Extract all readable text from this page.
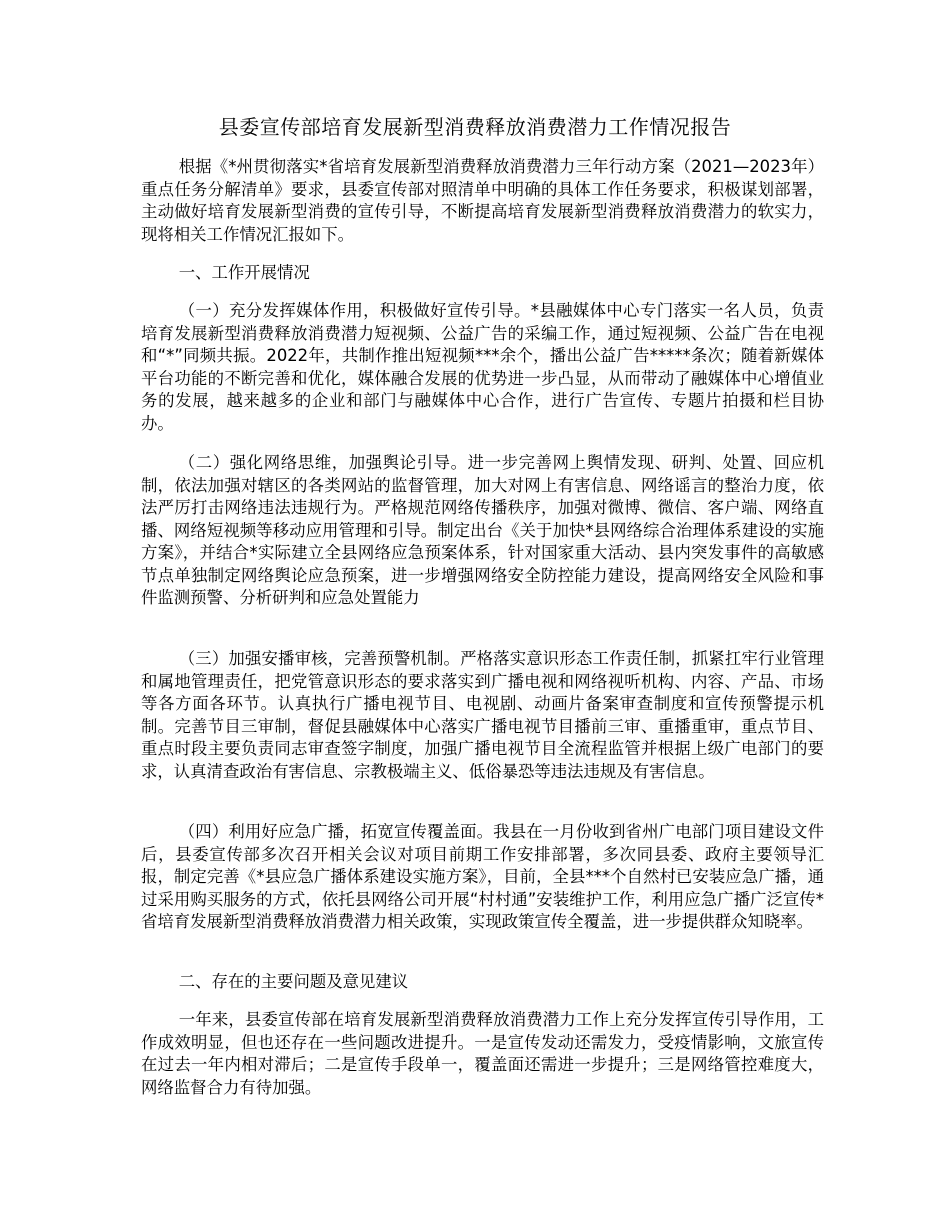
县委宣传部培育发展新型消费释放消费潜力工作情况报告

根据《*州贯彻落实*省培育发展新型消费释放消费潜力三年行动方案（2021—2023年）重点任务分解清单》要求，县委宣传部对照清单中明确的具体工作任务要求，积极谋划部署，主动做好培育发展新型消费的宣传引导，不断提高培育发展新型消费释放消费潜力的软实力，现将相关工作情况汇报如下。

一、工作开展情况

（一）充分发挥媒体作用，积极做好宣传引导。*县融媒体中心专门落实一名人员，负责培育发展新型消费释放消费潜力短视频、公益广告的采编工作，通过短视频、公益广告在电视和“*”同频共振。2022年，共制作推出短视频***余个，播出公益广告*****条次；随着新媒体平台功能的不断完善和优化，媒体融合发展的优势进一步凸显，从而带动了融媒体中心增值业务的发展，越来越多的企业和部门与融媒体中心合作，进行广告宣传、专题片拍摄和栏目协办。

（二）强化网络思维，加强舆论引导。进一步完善网上舆情发现、研判、处置、回应机制，依法加强对辖区的各类网站的监督管理，加大对网上有害信息、网络谣言的整治力度，依法严厉打击网络违法违规行为。严格规范网络传播秩序，加强对微博、微信、客户端、网络直播、网络短视频等移动应用管理和引导。制定出台《关于加快*县网络综合治理体系建设的实施方案》，并结合*实际建立全县网络应急预案体系，针对国家重大活动、县内突发事件的高敏感节点单独制定网络舆论应急预案，进一步增强网络安全防控能力建设，提高网络安全风险和事件监测预警、分析研判和应急处置能力

（三）加强安播审核，完善预警机制。严格落实意识形态工作责任制，抓紧扛牢行业管理和属地管理责任，把党管意识形态的要求落实到广播电视和网络视听机构、内容、产品、市场等各方面各环节。认真执行广播电视节目、电视剧、动画片备案审查制度和宣传预警提示机制。完善节目三审制，督促县融媒体中心落实广播电视节目播前三审、重播重审，重点节目、重点时段主要负责同志审查签字制度，加强广播电视节目全流程监管并根据上级广电部门的要求，认真清查政治有害信息、宗教极端主义、低俗暴恐等违法违规及有害信息。

（四）利用好应急广播，拓宽宣传覆盖面。我县在一月份收到省州广电部门项目建设文件后，县委宣传部多次召开相关会议对项目前期工作安排部署，多次同县委、政府主要领导汇报，制定完善《*县应急广播体系建设实施方案》，目前，全县***个自然村已安装应急广播，通过采用购买服务的方式，依托县网络公司开展“村村通”安装维护工作，利用应急广播广泛宣传*省培育发展新型消费释放消费潜力相关政策，实现政策宣传全覆盖，进一步提供群众知晓率。

二、存在的主要问题及意见建议

一年来，县委宣传部在培育发展新型消费释放消费潜力工作上充分发挥宣传引导作用，工作成效明显，但也还存在一些问题改进提升。一是宣传发动还需发力，受疫情影响，文旅宣传在过去一年内相对滞后；二是宣传手段单一，覆盖面还需进一步提升；三是网络管控难度大，网络监督合力有待加强。
